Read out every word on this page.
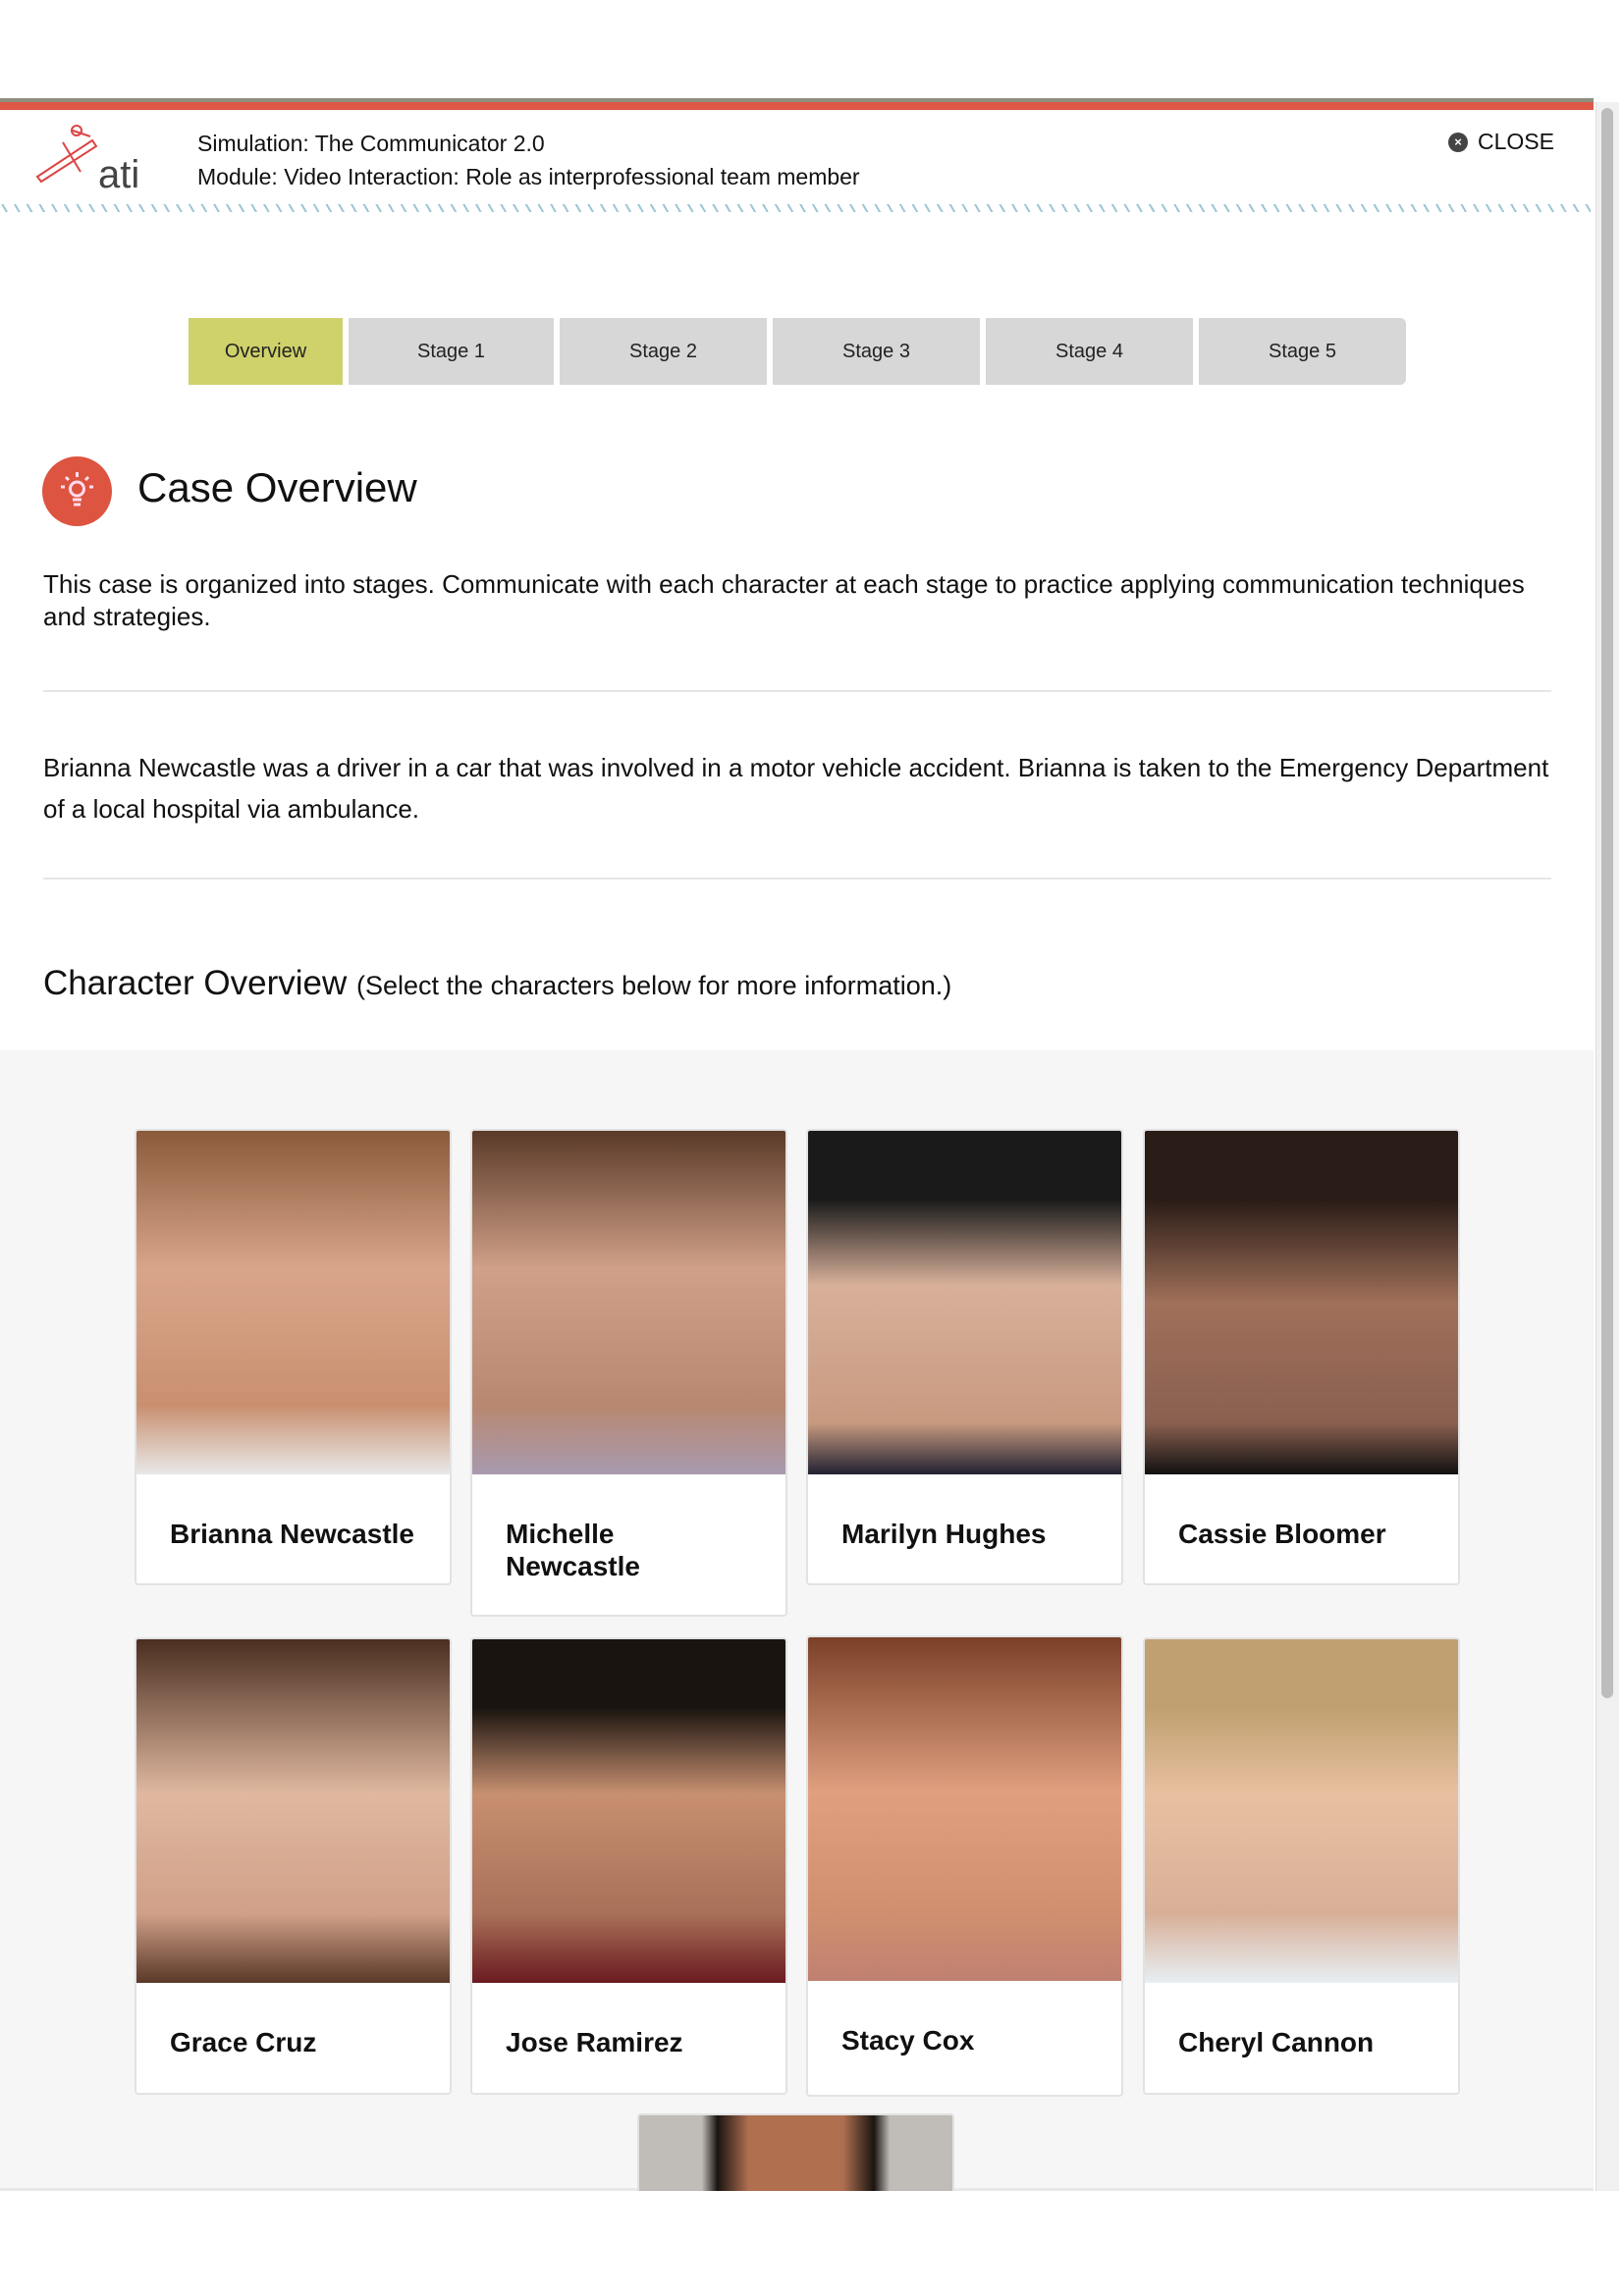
ati
Simulation: The Communicator 2.0
Module: Video Interaction: Role as interprofessional team member
× CLOSE
Overview	Stage 1	Stage 2	Stage 3	Stage 4	Stage 5
Case Overview
This case is organized into stages. Communicate with each character at each stage to practice applying communication techniques and strategies.
Brianna Newcastle was a driver in a car that was involved in a motor vehicle accident. Brianna is taken to the Emergency Department of a local hospital via ambulance.
Character Overview (Select the characters below for more information.)
Brianna Newcastle	Michelle Newcastle
Marilyn Hughes	Cassie Bloomer
Grace Cruz	Jose Ramirez	Stacy Cox	Cheryl Cannon
